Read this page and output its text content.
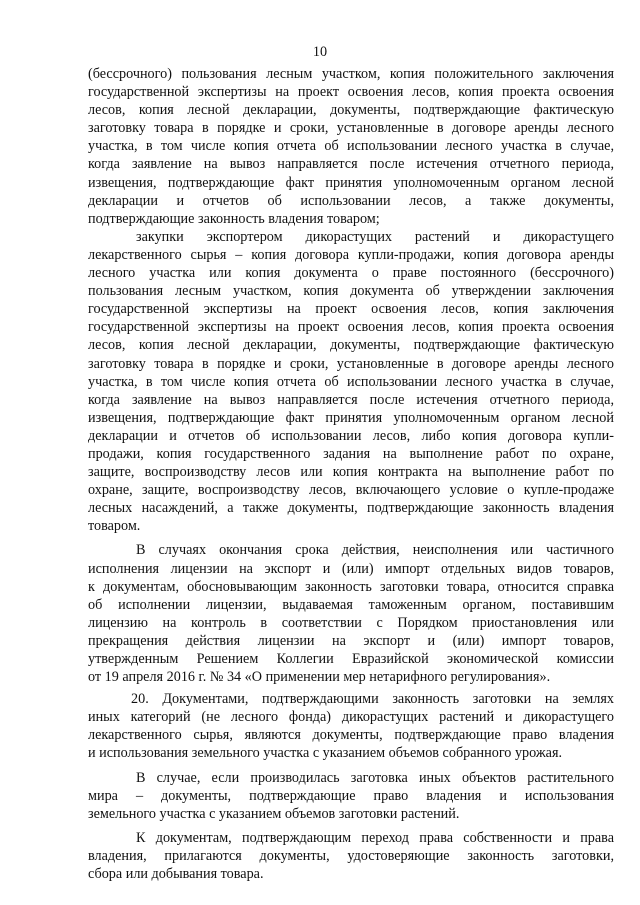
10
(бессрочного) пользования лесным участком, копия положительного заключения
государственной экспертизы на проект освоения лесов, копия проекта освоения
лесов, копия лесной декларации, документы, подтверждающие фактическую
заготовку товара в порядке и сроки, установленные в договоре аренды лесного
участка, в том числе копия отчета об использовании лесного участка в случае,
когда заявление на вывоз направляется после истечения отчетного периода,
извещения, подтверждающие факт принятия уполномоченным органом лесной
декларации и отчетов об использовании лесов, а также документы,
подтверждающие законность владения товаром;
закупки экспортером дикорастущих растений и дикорастущего
лекарственного сырья – копия договора купли-продажи, копия договора аренды
лесного участка или копия документа о праве постоянного (бессрочного)
пользования лесным участком, копия документа об утверждении заключения
государственной экспертизы на проект освоения лесов, копия заключения
государственной экспертизы на проект освоения лесов, копия проекта освоения
лесов, копия лесной декларации, документы, подтверждающие фактическую
заготовку товара в порядке и сроки, установленные в договоре аренды лесного
участка, в том числе копия отчета об использовании лесного участка в случае,
когда заявление на вывоз направляется после истечения отчетного периода,
извещения, подтверждающие факт принятия уполномоченным органом лесной
декларации и отчетов об использовании лесов, либо копия договора купли-
продажи, копия государственного задания на выполнение работ по охране,
защите, воспроизводству лесов или копия контракта на выполнение работ по
охране, защите, воспроизводству лесов, включающего условие о купле-продаже
лесных насаждений, а также документы, подтверждающие законность владения
товаром.
В случаях окончания срока действия, неисполнения или частичного
исполнения лицензии на экспорт и (или) импорт отдельных видов товаров,
к документам, обосновывающим законность заготовки товара, относится справка
об исполнении лицензии, выдаваемая таможенным органом, поставившим
лицензию на контроль в соответствии с Порядком приостановления или
прекращения действия лицензии на экспорт и (или) импорт товаров,
утвержденным Решением Коллегии Евразийской экономической комиссии
от 19 апреля 2016 г. № 34 «О применении мер нетарифного регулирования».
20. Документами, подтверждающими законность заготовки на землях
иных категорий (не лесного фонда) дикорастущих растений и дикорастущего
лекарственного сырья, являются документы, подтверждающие право владения
и использования земельного участка с указанием объемов собранного урожая.
В случае, если производилась заготовка иных объектов растительного
мира – документы, подтверждающие право владения и использования
земельного участка с указанием объемов заготовки растений.
К документам, подтверждающим переход права собственности и права
владения, прилагаются документы, удостоверяющие законность заготовки,
сбора или добывания товара.
